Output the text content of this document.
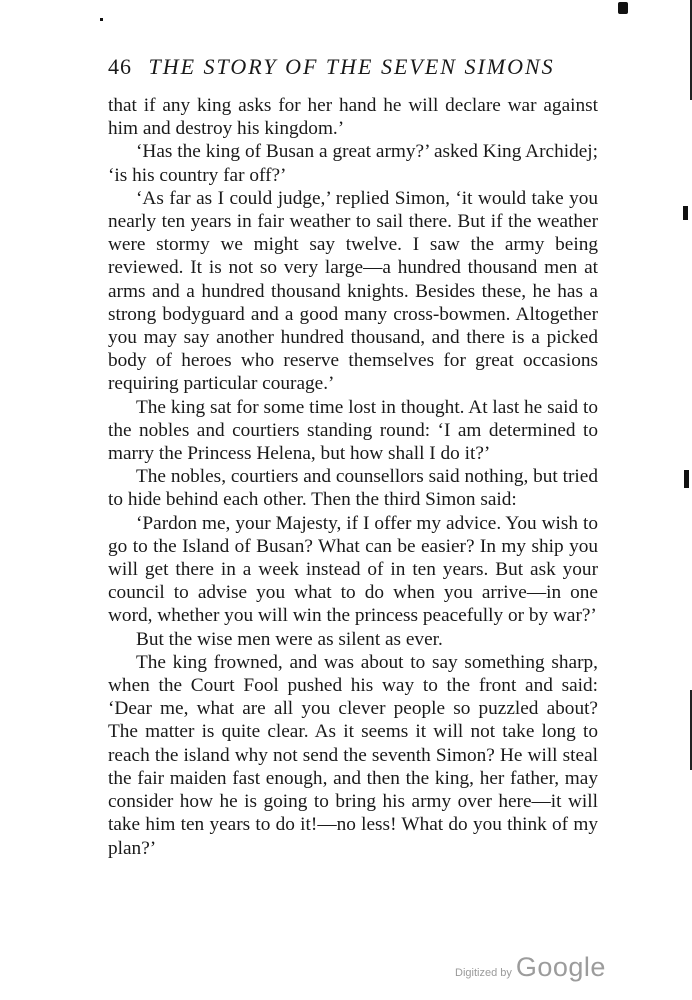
46 THE STORY OF THE SEVEN SIMONS

that if any king asks for her hand he will declare war against him and destroy his kingdom.’

‘Has the king of Busan a great army?’ asked King Archidej; ‘is his country far off?’

‘As far as I could judge,’ replied Simon, ‘it would take you nearly ten years in fair weather to sail there. But if the weather were stormy we might say twelve. I saw the army being reviewed. It is not so very large—a hundred thousand men at arms and a hundred thousand knights. Besides these, he has a strong bodyguard and a good many cross-bowmen. Altogether you may say another hundred thousand, and there is a picked body of heroes who reserve themselves for great occasions requiring particular courage.’

The king sat for some time lost in thought. At last he said to the nobles and courtiers standing round: ‘I am determined to marry the Princess Helena, but how shall I do it?’

The nobles, courtiers and counsellors said nothing, but tried to hide behind each other. Then the third Simon said:

‘Pardon me, your Majesty, if I offer my advice. You wish to go to the Island of Busan? What can be easier? In my ship you will get there in a week instead of in ten years. But ask your council to advise you what to do when you arrive—in one word, whether you will win the princess peacefully or by war?’

But the wise men were as silent as ever.

The king frowned, and was about to say something sharp, when the Court Fool pushed his way to the front and said: ‘Dear me, what are all you clever people so puzzled about? The matter is quite clear. As it seems it will not take long to reach the island why not send the seventh Simon? He will steal the fair maiden fast enough, and then the king, her father, may consider how he is going to bring his army over here—it will take him ten years to do it!—no less! What do you think of my plan?’

Digitized by Google
